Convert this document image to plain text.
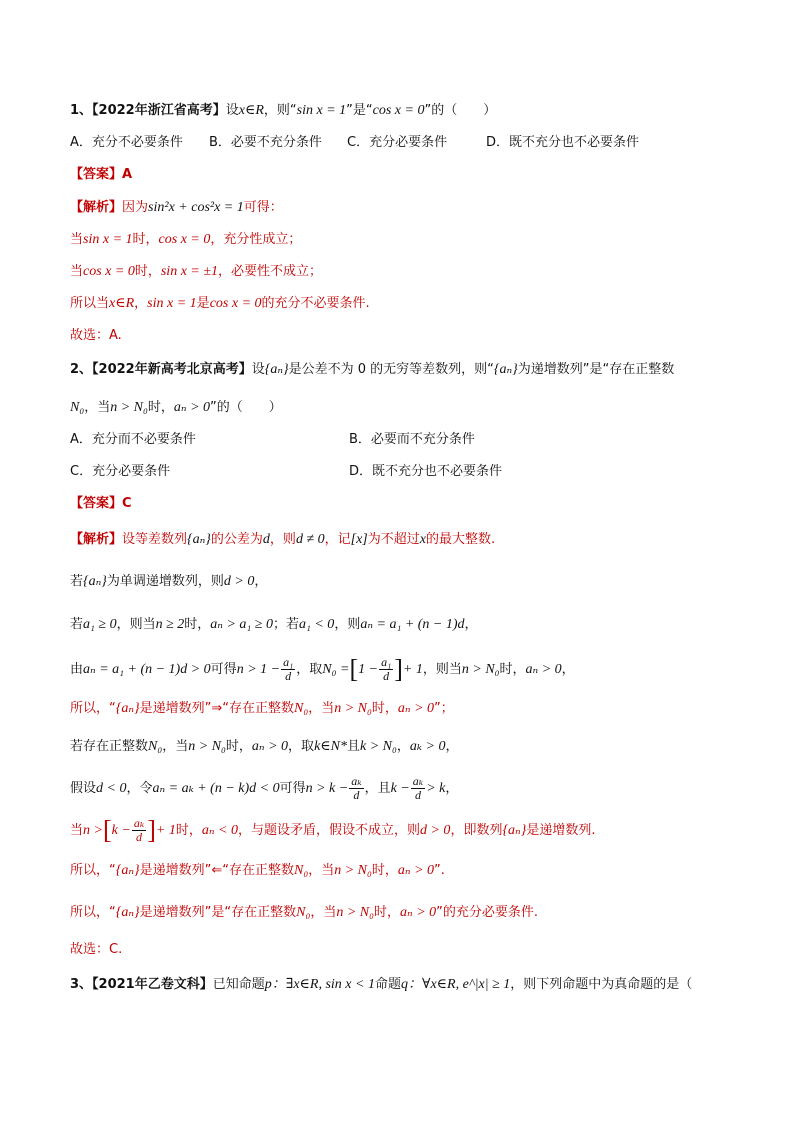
1、【2022年浙江省高考】设x∈R，则“sin x = 1”是“cos x = 0”的（　　）
A．充分不必要条件 B．必要不充分条件 C．充分必要条件	D．既不充分也不必要条件
【答案】A
【解析】因为sin²x + cos²x = 1可得：
当sin x = 1时，cos x = 0，充分性成立；
当cos x = 0时，sin x = ±1，必要性不成立；
所以当x∈R，sin x = 1是cos x = 0的充分不必要条件.
故选：A.
2、【2022年新高考北京高考】设{aₙ}是公差不为 0 的无穷等差数列，则“{aₙ}为递增数列”是“存在正整数
N₀，当n > N₀时，aₙ > 0”的（　　）
A．充分而不必要条件	B．必要而不充分条件
C．充分必要条件	D．既不充分也不必要条件
【答案】C
【解析】设等差数列{aₙ}的公差为d，则d ≠ 0，记[x]为不超过x的最大整数.
若{aₙ}为单调递增数列，则d > 0，
若a₁ ≥ 0，则当n ≥ 2时，aₙ > a₁ ≥ 0；若a₁ < 0，则aₙ = a₁ + (n − 1)d，
由aₙ = a₁ + (n − 1)d > 0可得$n > 1 - \frac{\text{a₁}}{d}$ ，取$N_0 =[1 - \frac{\text{a₁}}{d}$ ]+ 1，则当n > N₀时，aₙ > 0，
所以，“{aₙ}是递增数列”⇒“存在正整数N₀，当n > N₀时，aₙ > 0”；
若存在正整数N₀，当n > N₀时，aₙ > 0，取k∈N*且k > N₀，aₖ > 0，
假设d < 0，令aₙ = aₖ + (n − k)d < 0可得$n > k - \frac{\text{aₖ}}{d}$ ，且$k - \frac{\text{aₖ}}{d} > k$，
当$n >[k - \frac{\text{aₖ}}{d}$ ]+ 1时，aₙ < 0，与题设矛盾，假设不成立，则d > 0，即数列{aₙ}是递增数列.
所以，“{aₙ}是递增数列”⇐“存在正整数N₀，当n > N₀时，aₙ > 0”.
所以，“{aₙ}是递增数列”是“存在正整数N₀，当n > N₀时，aₙ > 0”的充分必要条件.
故选：C.
3、【2021年乙卷文科】已知命题p：∃x∈R, sin x < 1命题q：∀x∈R, e^|x| ≥ 1，则下列命题中为真命题的是（
